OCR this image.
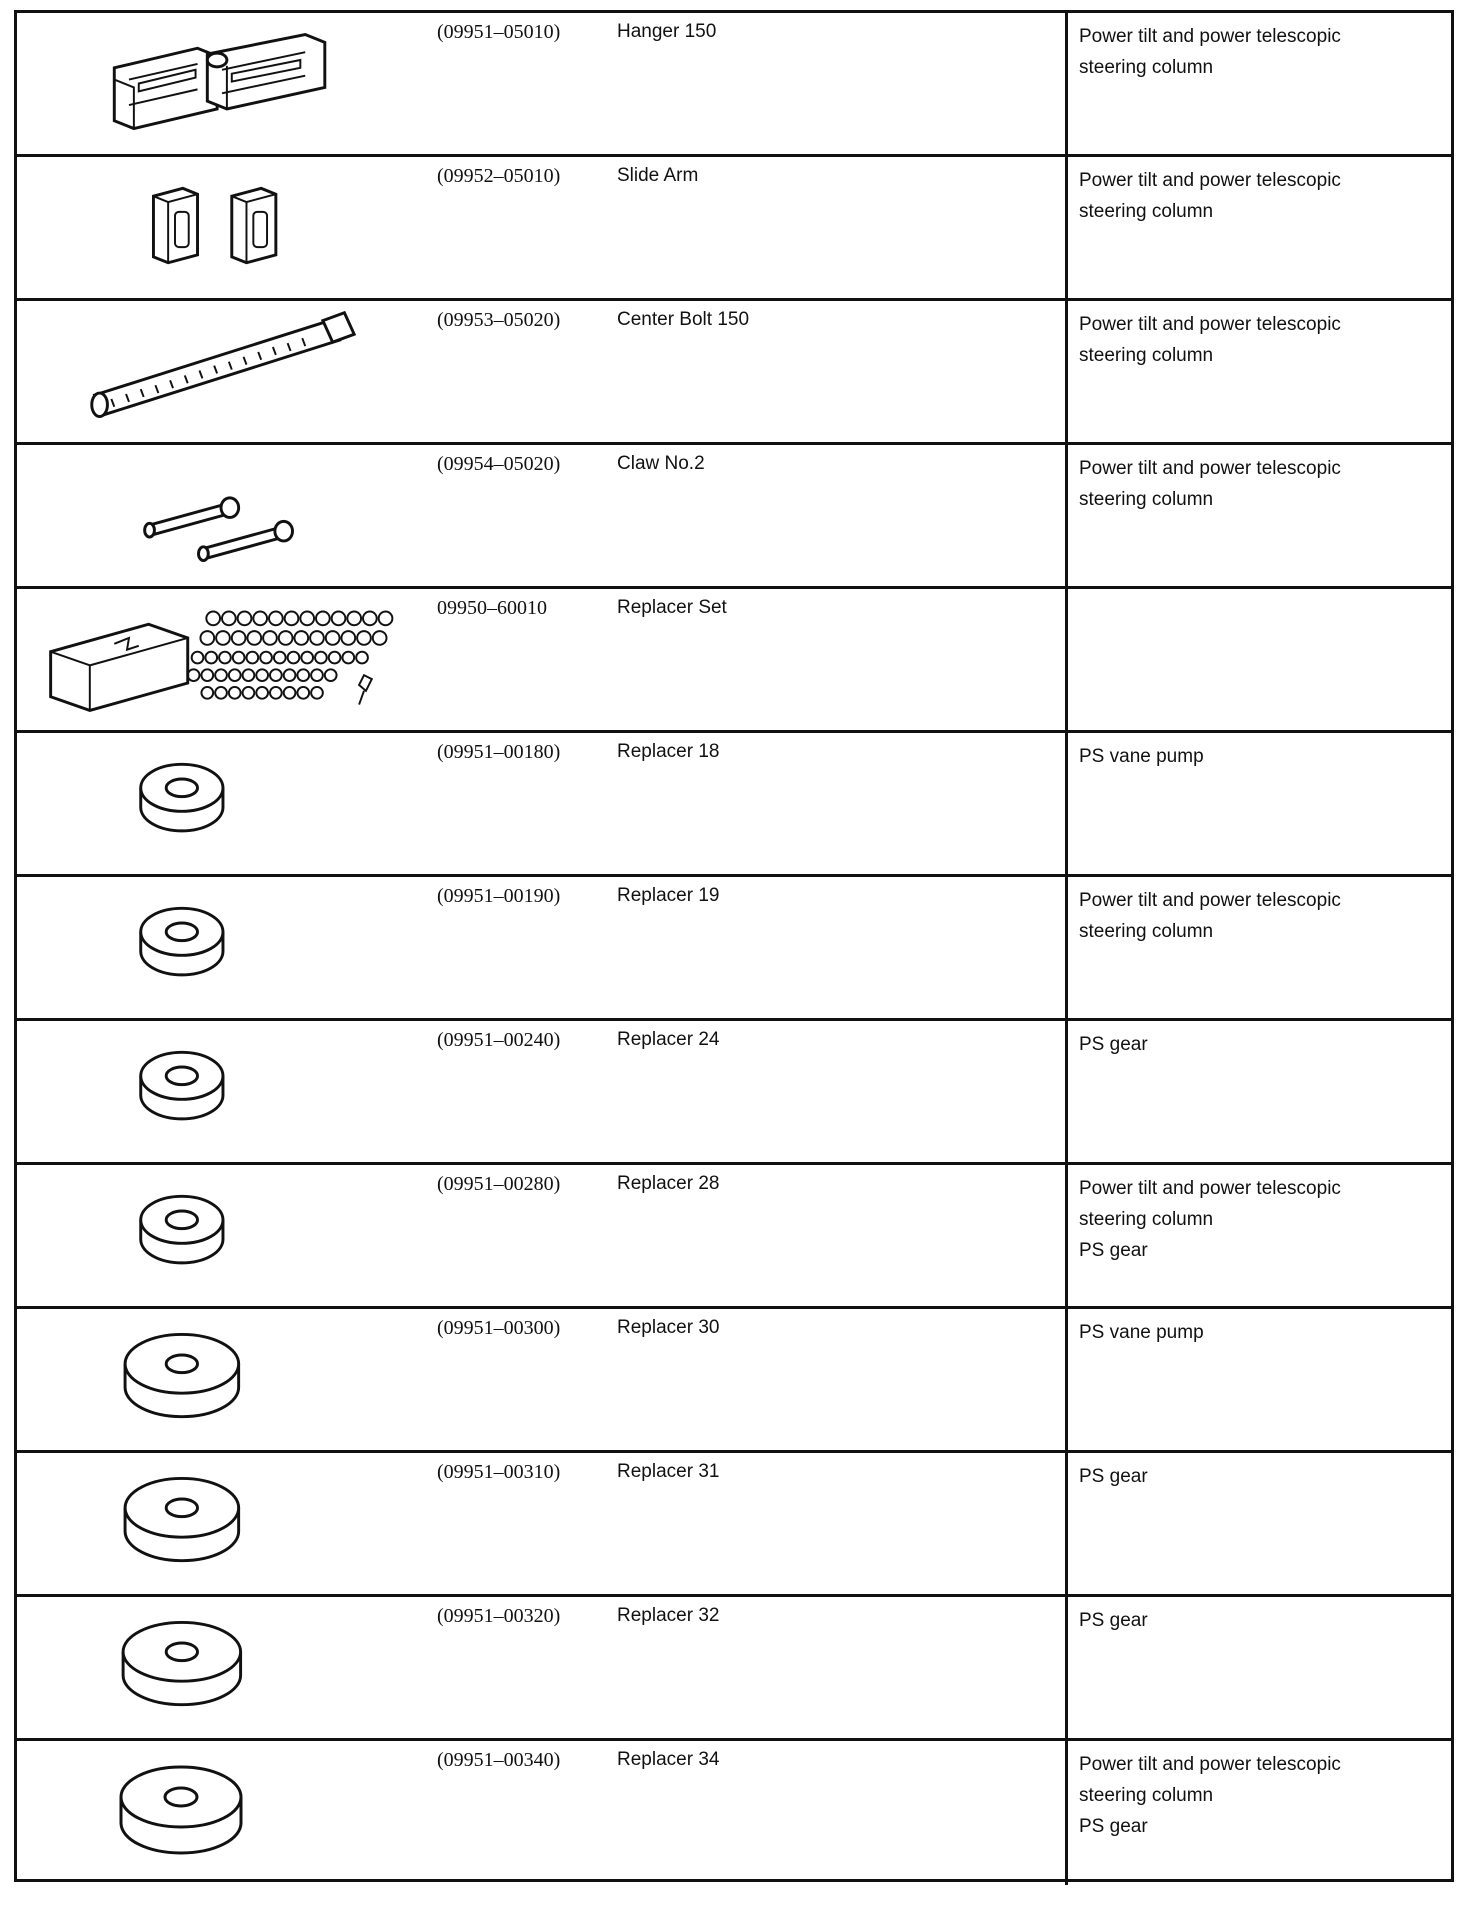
(09951–05010)	Hanger 150	Power tilt and power telescopic
steering column
(09952–05010)	Slide Arm	Power tilt and power telescopic
steering column
(09953–05020)	Center Bolt 150	Power tilt and power telescopic
steering column
(09954–05020)	Claw No.2	Power tilt and power telescopic
steering column
09950–60010	Replacer Set
(09951–00180)	Replacer 18	PS vane pump
(09951–00190)	Replacer 19	Power tilt and power telescopic
steering column
(09951–00240)	Replacer 24	PS gear
(09951–00280)	Replacer 28	Power tilt and power telescopic
steering column
PS gear
(09951–00300)	Replacer 30	PS vane pump
(09951–00310)	Replacer 31	PS gear
(09951–00320)	Replacer 32	PS gear
(09951–00340)	Replacer 34	Power tilt and power telescopic
steering column
PS gear
